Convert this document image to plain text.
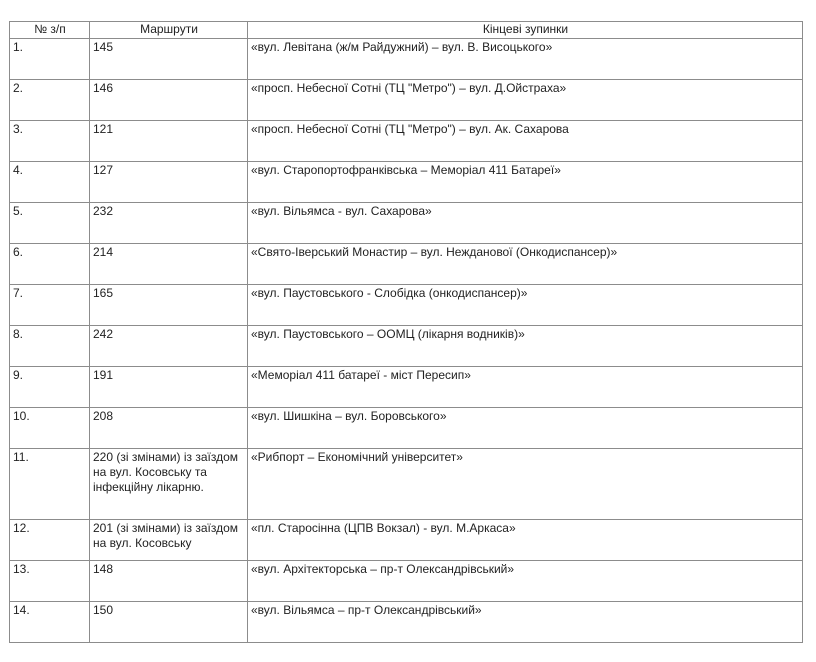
№ з/п	Маршрути	Кінцеві зупинки
1.	145	«вул. Левітана (ж/м Райдужний) – вул. В. Висоцького»
2.	146	«просп. Небесної Сотні (ТЦ "Метро") – вул. Д.Ойстраха»
3.	121	«просп. Небесної Сотні (ТЦ "Метро") – вул. Ак. Сахарова
4.	127	«вул. Старопортофранківська – Меморіал 411 Батареї»
5.	232	«вул. Вільямса - вул. Сахарова»
6.	214	«Свято-Іверський Монастир – вул. Нежданової (Онкодиспансер)»
7.	165	«вул. Паустовського - Слобідка (онкодиспансер)»
8.	242	«вул. Паустовського – ООМЦ (лікарня водників)»
9.	191	«Меморіал 411 батареї - міст Пересип»
10.	208	«вул. Шишкіна – вул. Боровського»
11.	220 (зі змінами) із заїздом на вул. Косовську та інфекційну лікарню.	«Рибпорт – Економічний університет»
12.	201 (зі змінами) із заїздом на вул. Косовську	«пл. Старосінна (ЦПВ Вокзал) - вул. М.Аркаса»
13.	148	«вул. Архітекторська – пр-т Олександрівський»
14.	150	«вул. Вільямса – пр-т Олександрівський»
